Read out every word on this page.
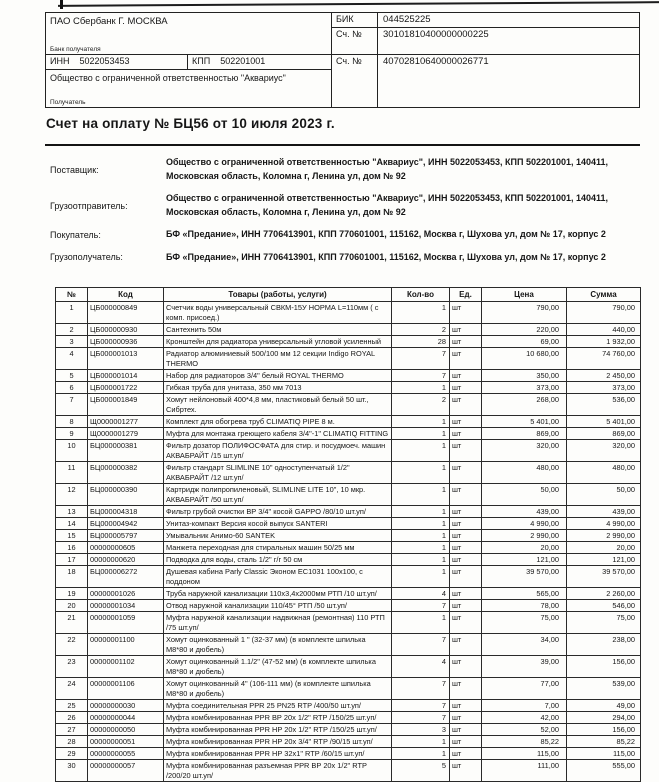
ПАО Сбербанк Г. МОСКВА
Банк получателя
ИНН 5022053453	КПП 502201001
Общество с ограниченной ответственностью "Аквариус"
Получатель
БИК	044525225
Сч. №	30101810400000000225
Сч. №	40702810640000026771
Счет на оплату № БЦ56 от 10 июля 2023 г.
Поставщик:
Общество с ограниченной ответственностью "Аквариус", ИНН 5022053453, КПП 502201001, 140411, Московская область, Коломна г, Ленина ул, дом № 92
Грузоотправитель:
Общество с ограниченной ответственностью "Аквариус", ИНН 5022053453, КПП 502201001, 140411, Московская область, Коломна г, Ленина ул, дом № 92
Покупатель:	БФ «Предание», ИНН 7706413901, КПП 770601001, 115162, Москва г, Шухова ул, дом № 17, корпус 2
Грузополучатель:	БФ «Предание», ИНН 7706413901, КПП 770601001, 115162, Москва г, Шухова ул, дом № 17, корпус 2
№	Код	Товары (работы, услуги)	Кол-во	Ед.	Цена	Сумма
1	ЦБ000000849	Счетчик воды универсальный СВКМ-15У НОРМА L=110мм ( с комп. присоед.)	1	шт	790,00	790,00
2	ЦБ000000930	Сантехнить 50м	2	шт	220,00	440,00
3	ЦБ000000936	Кронштейн для радиатора универсальный угловой усиленный	28	шт	69,00	1 932,00
4	ЦБ000001013	Радиатор алюминиевый 500/100 мм 12 секции Indigo ROYAL THERMO	7	шт	10 680,00	74 760,00
5	ЦБ000001014	Набор для радиаторов 3/4" белый ROYAL THERMO	7	шт	350,00	2 450,00
6	ЦБ000001722	Гибкая труба для унитаза, 350 мм 7013	1	шт	373,00	373,00
7	ЦБ000001849	Хомут нейлоновый 400*4,8 мм, пластиковый белый 50 шт., Сибртех.	2	шт	268,00	536,00
8	Щ0000001277	Комплект для обогрева труб CLIMATIQ PIPE 8 м.	1	шт	5 401,00	5 401,00
9	Щ0000001279	Муфта для монтажа греющего кабеля 3/4"-1" CLIMATIQ FITTING	1	шт	869,00	869,00
10	БЦ000000381	Фильтр дозатор ПОЛИФОСФАТА для стир. и посудмоеч. машин АКВАБРАЙТ /15 шт.уп/	1	шт	320,00	320,00
11	БЦ000000382	Фильтр стандарт SLIMLINE 10" одноступенчатый 1/2" АКВАБРАЙТ /12 шт.уп/	1	шт	480,00	480,00
12	БЦ000000390	Картридж полипропиленовый, SLIMLINE LITE 10", 10 мкр. АКВАБРАЙТ /50 шт.уп/	1	шт	50,00	50,00
13	БЦ000004318	Фильтр грубой очистки ВР 3/4" косой GAPPO /80/10 шт.уп/	1	шт	439,00	439,00
14	БЦ000004942	Унитаз-компакт Версия косой выпуск SANTERI	1	шт	4 990,00	4 990,00
15	БЦ000005797	Умывальник Анимо-60 SANTEK	1	шт	2 990,00	2 990,00
16	00000000605	Манжета переходная для стиральных машин 50/25 мм	1	шт	20,00	20,00
17	00000000620	Подводка для воды, сталь 1/2" г/г 50 см	1	шт	121,00	121,00
18	БЦ000006272	Душевая кабина Parly Classic Эконом ЕС1031 100х100, с поддоном	1	шт	39 570,00	39 570,00
19	00000001026	Труба наружной канализации 110х3,4х2000мм РТП /10 шт.уп/	4	шт	565,00	2 260,00
20	00000001034	Отвод наружной канализации 110/45° РТП /50 шт.уп/	7	шт	78,00	546,00
21	00000001059	Муфта наружной канализации надвижная (ремонтная) 110 РТП /75 шт.уп/	1	шт	75,00	75,00
22	00000001100	Хомут оцинкованный 1 " (32-37 мм) (в комплекте шпилька М8*80 и дюбель)	7	шт	34,00	238,00
23	00000001102	Хомут оцинкованный 1.1/2" (47-52 мм) (в комплекте шпилька М8*80 и дюбель)	4	шт	39,00	156,00
24	00000001106	Хомут оцинкованный 4" (106-111 мм) (в комплекте шпилька М8*80 и дюбель)	7	шт	77,00	539,00
25	00000000030	Муфта соединительная PPR 25 PN25 RTP /400/50 шт.уп/	7	шт	7,00	49,00
26	00000000044	Муфта комбинированная PPR ВР 20х 1/2" RTP /150/25 шт.уп/	7	шт	42,00	294,00
27	00000000050	Муфта комбинированная PPR НР 20х 1/2" RTP /150/25 шт.уп/	3	шт	52,00	156,00
28	00000000051	Муфта комбинированная PPR НР 20х 3/4" RTP /90/15 шт.уп/	1	шт	85,22	85,22
29	00000000055	Муфта комбинированная PPR НР 32х1" RTP /60/15 шт.уп/	1	шт	115,00	115,00
30	00000000057	Муфта комбинированная разъемная PPR ВР 20х 1/2" RTP /200/20 шт.уп/	5	шт	111,00	555,00
